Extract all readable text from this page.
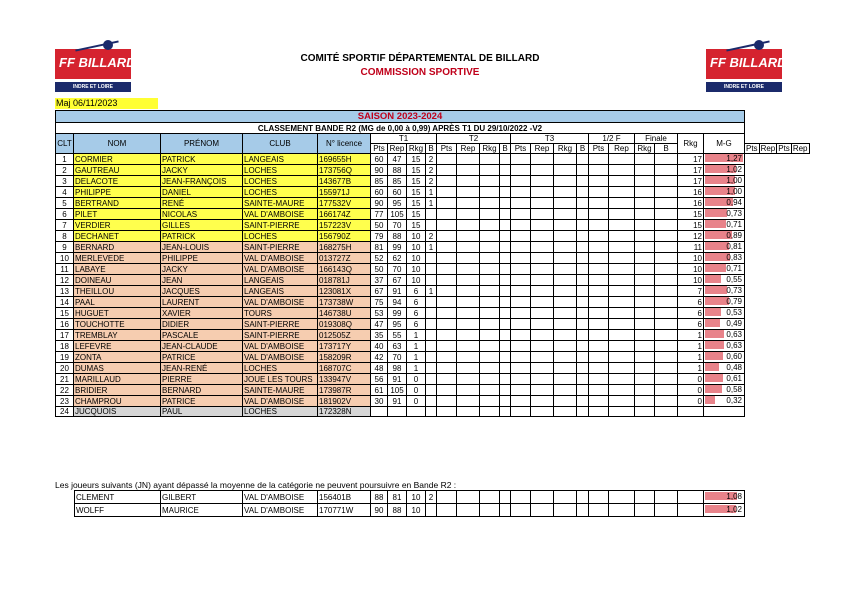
FF BILLARD
INDRE ET LOIRE
FF BILLARD
INDRE ET LOIRE
COMITÉ SPORTIF DÉPARTEMENTAL DE BILLARD
COMMISSION SPORTIVE
Maj 06/11/2023
SAISON 2023-2024																										
CLASSEMENT BANDE R2 (MG de 0,00 à 0,99) APRÈS T1 DU 29/10/2022 -V2																										
CLT	NOM	PRÉNOM	CLUB	N° licence	T1				T2				T3				1/2 F		Finale		Rkg	M-G				
					Pts	Rep	Rkg	B	Pts	Rep	Rkg	B	Pts	Rep	Rkg	B	Pts	Rep	Rkg	B			Pts	Rep	Pts	Rep
1	CORMIER	PATRICK	LANGEAIS	169655H	60	47	15	2													17	1,27				

2	GAUTREAU	JACKY	LOCHES	173756Q	90	88	15	2													17	1,02				

3	DELACOTE	JEAN-FRANÇOIS	LOCHES	143677B	85	85	15	2													17	1,00				

4	PHILIPPE	DANIEL	LOCHES	155971J	60	60	15	1													16	1,00				

5	BERTRAND	RENÉ	SAINTE-MAURE	177532V	90	95	15	1													16	0,94				

6	PILET	NICOLAS	VAL D'AMBOISE	166174Z	77	105	15														15	0,73				

7	VERDIER	GILLES	SAINT-PIERRE	157223V	50	70	15														15	0,71				

8	DECHANET	PATRICK	LOCHES	156790Z	79	88	10	2													12	0,89				

9	BERNARD	JEAN-LOUIS	SAINT-PIERRE	168275H	81	99	10	1													11	0,81				

10	MERLEVEDE	PHILIPPE	VAL D'AMBOISE	013727Z	52	62	10														10	0,83				

11	LABAYE	JACKY	VAL D'AMBOISE	166143Q	50	70	10														10	0,71				

12	DOINEAU	JEAN	LANGEAIS	018781J	37	67	10														10	0,55				

13	THEILLOU	JACQUES	LANGEAIS	123081X	67	91	6	1													7	0,73				

14	PAAL	LAURENT	VAL D'AMBOISE	173738W	75	94	6														6	0,79				

15	HUGUET	XAVIER	TOURS	146738U	53	99	6														6	0,53				

16	TOUCHOTTE	DIDIER	SAINT-PIERRE	019308Q	47	95	6														6	0,49				

17	TREMBLAY	PASCALE	SAINT-PIERRE	012505Z	35	55	1														1	0,63				

18	LEFEVRE	JEAN-CLAUDE	VAL D'AMBOISE	173717Y	40	63	1														1	0,63				

19	ZONTA	PATRICE	VAL D'AMBOISE	158209R	42	70	1														1	0,60				

20	DUMAS	JEAN-RENÉ	LOCHES	168707C	48	98	1														1	0,48				

21	MARILLAUD	PIERRE	JOUE LES TOURS	133947V	56	91	0														0	0,61				

22	BRIDIER	BERNARD	SAINTE-MAURE	173987R	61	105	0														0	0,58				

23	CHAMPROU	PATRICE	VAL D'AMBOISE	181902V	30	91	0														0	0,32				

24	JUCQUOIS	PAUL	LOCHES	172328N																						
Les joueurs suivants (JN) ayant dépassé la moyenne de la catégorie ne peuvent poursuivre en Bande R2 :
CLEMENT	GILBERT	VAL D'AMBOISE	156401B	88	81	10	2														1,08

WOLFF	MAURICE	VAL D'AMBOISE	170771W	90	88	10															1,02
